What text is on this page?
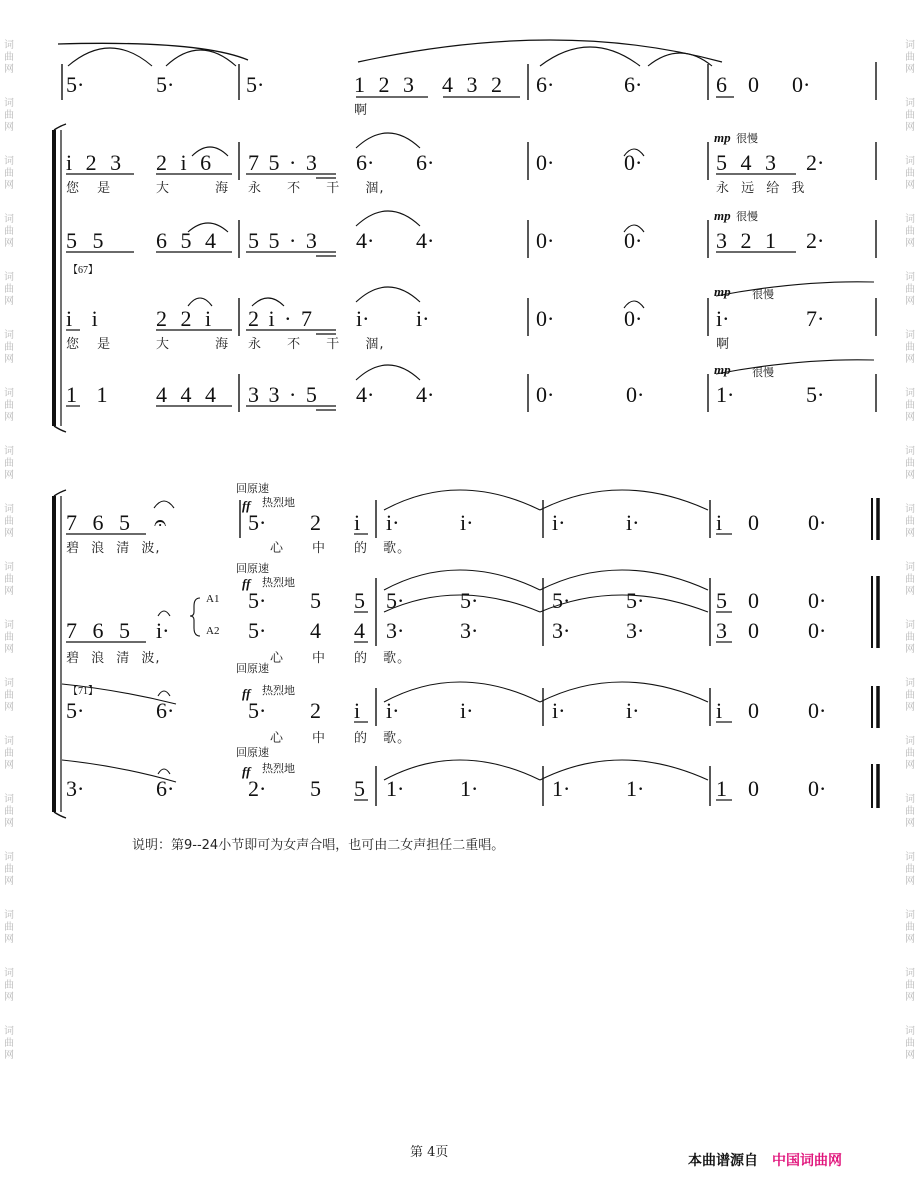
词
曲
网
词
曲
网
词
曲
网
词
曲
网
词
曲
网
词
曲
网
词
曲
网
词
曲
网
词
曲
网
词
曲
网
词
曲
网
词
曲
网
词
曲
网
词
曲
网
词
曲
网
词
曲
网
词
曲
网
词
曲
网
词
曲
网
词
曲
网
词
曲
网
词
曲
网
词
曲
网
词
曲
网
词
曲
网
词
曲
网
词
曲
网
词
曲
网
词
曲
网
词
曲
网
词
曲
网
词
曲
网
词
曲
网
词
曲
网
词
曲
网
词
曲
网
5·	5·	5·	1 2 3 4 3 2 6·	6·	6 0 0·
啊
i 2 3 2 i 6 7 5 · 3 6· 6·	0·	0·	5 4 3 2·
您 是	大 海 永 不 干 涸,	永 远 给 我
mp 很慢
5 5 6 5 4 5 5 · 3 4· 4·	0·	0·	3 2 1 2·
【67】
mp 很慢
i i	2 2 i 2 i · 7 i· i·	0·	0·	i·	7·
您 是	大 海 永 不 干 涸,	啊
mp 很慢
1 1 4 4 4 3 3 · 5 4· 4·	0·	0·	1·	5·
mp 很慢
7 6 5 𝄐	5· 2 i i·	i·	i·	i·	i 0 0·
碧 浪 清 波,	心 中 的 歌。
回原速
ff 热烈地
5· 5 5 5·	5·	5·	5·	5 0 0·
A1
回原速
ff 热烈地
7 6 5 i·	5· 4 4 3·	3·	3·	3·	3 0 0·
A2
碧 浪 清 波,	心 中 的 歌。
5·	6·	5· 2 i i·	i·	i·	i·	i 0 0·
【71】
心 中 的 歌。
回原速
ff 热烈地
3·	6·	2· 5 5 1·	1·	1·	1·	1 0 0·
回原速
ff 热烈地
说明：第9--24小节即可为女声合唱，也可由二女声担任二重唱。
第 4页
本曲谱源自 中国词曲网
